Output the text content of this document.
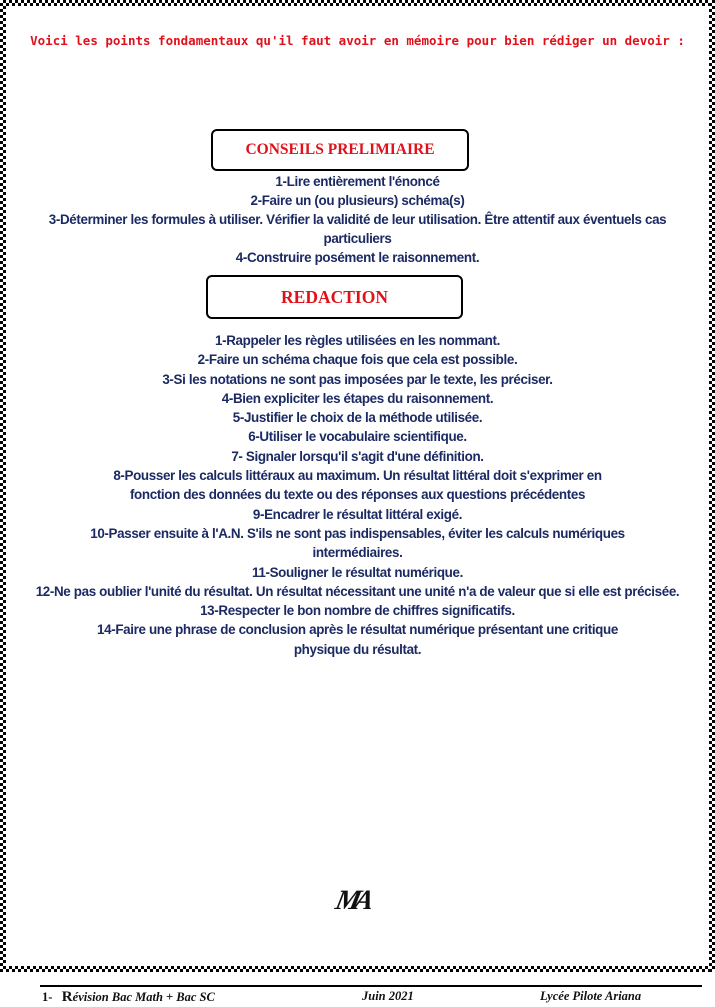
Voici les points fondamentaux qu'il faut avoir en mémoire pour bien rédiger un devoir :
CONSEILS PRELIMIAIRE

1-Lire entièrement l'énoncé

2-Faire un (ou plusieurs) schéma(s)

3-Déterminer les formules à utiliser. Vérifier la validité de leur utilisation. Être attentif aux éventuels cas particuliers

4-Construire posément le raisonnement.

REDACTION

1-Rappeler les règles utilisées en les nommant.

2-Faire un schéma chaque fois que cela est possible.

3-Si les notations ne sont pas imposées par le texte, les préciser.

4-Bien expliciter les étapes du raisonnement.

5-Justifier le choix de la méthode utilisée.

6-Utiliser le vocabulaire scientifique.

7- Signaler lorsqu'il s'agit d'une définition.

8-Pousser les calculs littéraux au maximum. Un résultat littéral doit s'exprimer en fonction des données du texte ou des réponses aux questions précédentes

9-Encadrer le résultat littéral exigé.

10-Passer ensuite à l'A.N. S'ils ne sont pas indispensables, éviter les calculs numériques intermédiaires.

11-Souligner le résultat numérique.

12-Ne pas oublier l'unité du résultat. Un résultat nécessitant une unité n'a de valeur que si elle est précisée.

13-Respecter le bon nombre de chiffres significatifs.

14-Faire une phrase de conclusion après le résultat numérique présentant une critique physique du résultat.

MA
1- Révision Bac Math + Bac SC	Juin 2021	Lycée Pilote Ariana
